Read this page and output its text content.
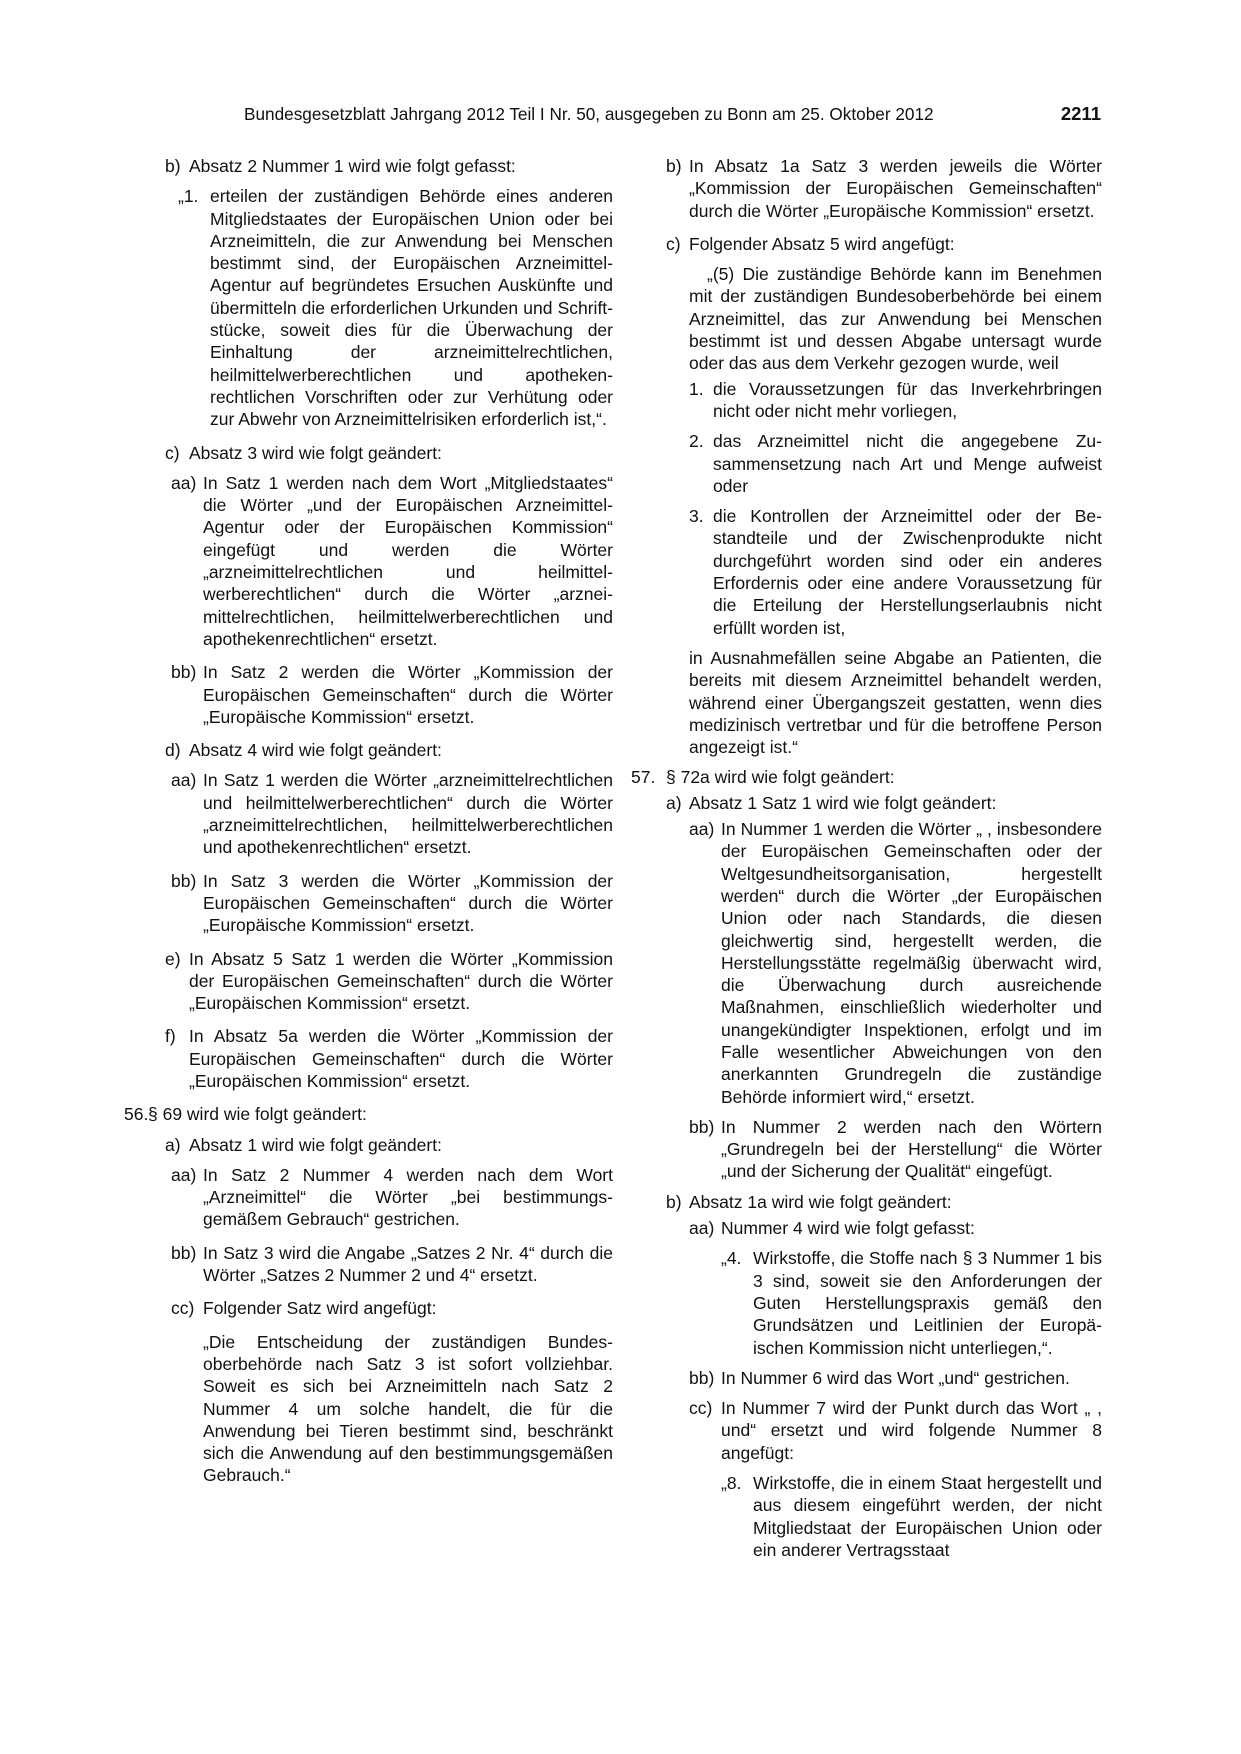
Bundesgesetzblatt Jahrgang 2012 Teil I Nr. 50, ausgegeben zu Bonn am 25. Oktober 2012	2211
b) Absatz 2 Nummer 1 wird wie folgt gefasst:
„1. erteilen der zuständigen Behörde eines anderen Mitgliedstaates der Europäischen Union oder bei Arzneimitteln, die zur Anwendung bei Menschen bestimmt sind, der Europäischen Arzneimittel-Agentur auf begründetes Ersuchen Auskünfte und übermitteln die erforderlichen Urkunden und Schriftstücke, soweit dies für die Überwachung der Einhaltung der arzneimittelrechtlichen, heilmittelwerberechtlichen und apothekenrechtlichen Vorschriften oder zur Verhütung oder zur Abwehr von Arzneimittelrisiken erforderlich ist,“.
c) Absatz 3 wird wie folgt geändert:
aa) In Satz 1 werden nach dem Wort „Mitgliedstaates“ die Wörter „und der Europäischen Arzneimittel-Agentur oder der Europäischen Kommission“ eingefügt und werden die Wörter „arzneimittelrechtlichen und heilmittelwerberechtlichen“ durch die Wörter „arzneimittelrechtlichen, heilmittelwerberechtlichen und apothekenrechtlichen“ ersetzt.
bb) In Satz 2 werden die Wörter „Kommission der Europäischen Gemeinschaften“ durch die Wörter „Europäische Kommission“ ersetzt.
d) Absatz 4 wird wie folgt geändert:
aa) In Satz 1 werden die Wörter „arzneimittelrechtlichen und heilmittelwerberechtlichen“ durch die Wörter „arzneimittelrechtlichen, heilmittelwerberechtlichen und apothekenrechtlichen“ ersetzt.
bb) In Satz 3 werden die Wörter „Kommission der Europäischen Gemeinschaften“ durch die Wörter „Europäische Kommission“ ersetzt.
e) In Absatz 5 Satz 1 werden die Wörter „Kommission der Europäischen Gemeinschaften“ durch die Wörter „Europäischen Kommission“ ersetzt.
f) In Absatz 5a werden die Wörter „Kommission der Europäischen Gemeinschaften“ durch die Wörter „Europäischen Kommission“ ersetzt.
56. § 69 wird wie folgt geändert:
a) Absatz 1 wird wie folgt geändert:
aa) In Satz 2 Nummer 4 werden nach dem Wort „Arzneimittel“ die Wörter „bei bestimmungsgemäßem Gebrauch“ gestrichen.
bb) In Satz 3 wird die Angabe „Satzes 2 Nr. 4“ durch die Wörter „Satzes 2 Nummer 2 und 4“ ersetzt.
cc) Folgender Satz wird angefügt:
„Die Entscheidung der zuständigen Bundesoberbehörde nach Satz 3 ist sofort vollziehbar. Soweit es sich bei Arzneimitteln nach Satz 2 Nummer 4 um solche handelt, die für die Anwendung bei Tieren bestimmt sind, beschränkt sich die Anwendung auf den bestimmungsgemäßen Gebrauch.“
b) In Absatz 1a Satz 3 werden jeweils die Wörter „Kommission der Europäischen Gemeinschaften“ durch die Wörter „Europäische Kommission“ ersetzt.
c) Folgender Absatz 5 wird angefügt:
„(5) Die zuständige Behörde kann im Benehmen mit der zuständigen Bundesoberbehörde bei einem Arzneimittel, das zur Anwendung bei Menschen bestimmt ist und dessen Abgabe untersagt wurde oder das aus dem Verkehr gezogen wurde, weil
1. die Voraussetzungen für das Inverkehrbringen nicht oder nicht mehr vorliegen,
2. das Arzneimittel nicht die angegebene Zusammensetzung nach Art und Menge aufweist oder
3. die Kontrollen der Arzneimittel oder der Bestandteile und der Zwischenprodukte nicht durchgeführt worden sind oder ein anderes Erfordernis oder eine andere Voraussetzung für die Erteilung der Herstellungserlaubnis nicht erfüllt worden ist,
in Ausnahmefällen seine Abgabe an Patienten, die bereits mit diesem Arzneimittel behandelt werden, während einer Übergangszeit gestatten, wenn dies medizinisch vertretbar und für die betroffene Person angezeigt ist.“
57. § 72a wird wie folgt geändert:
a) Absatz 1 Satz 1 wird wie folgt geändert:
aa) In Nummer 1 werden die Wörter „ , insbesondere der Europäischen Gemeinschaften oder der Weltgesundheitsorganisation, hergestellt werden“ durch die Wörter „der Europäischen Union oder nach Standards, die diesen gleichwertig sind, hergestellt werden, die Herstellungsstätte regelmäßig überwacht wird, die Überwachung durch ausreichende Maßnahmen, einschließlich wiederholter und unangekündigter Inspektionen, erfolgt und im Falle wesentlicher Abweichungen von den anerkannten Grundregeln die zuständige Behörde informiert wird,“ ersetzt.
bb) In Nummer 2 werden nach den Wörtern „Grundregeln bei der Herstellung“ die Wörter „und der Sicherung der Qualität“ eingefügt.
b) Absatz 1a wird wie folgt geändert:
aa) Nummer 4 wird wie folgt gefasst:
„4. Wirkstoffe, die Stoffe nach § 3 Nummer 1 bis 3 sind, soweit sie den Anforderungen der Guten Herstellungspraxis gemäß den Grundsätzen und Leitlinien der Europäischen Kommission nicht unterliegen,“.
bb) In Nummer 6 wird das Wort „und“ gestrichen.
cc) In Nummer 7 wird der Punkt durch das Wort „ , und“ ersetzt und wird folgende Nummer 8 angefügt:
„8. Wirkstoffe, die in einem Staat hergestellt und aus diesem eingeführt werden, der nicht Mitgliedstaat der Europäischen Union oder ein anderer Vertragsstaat
